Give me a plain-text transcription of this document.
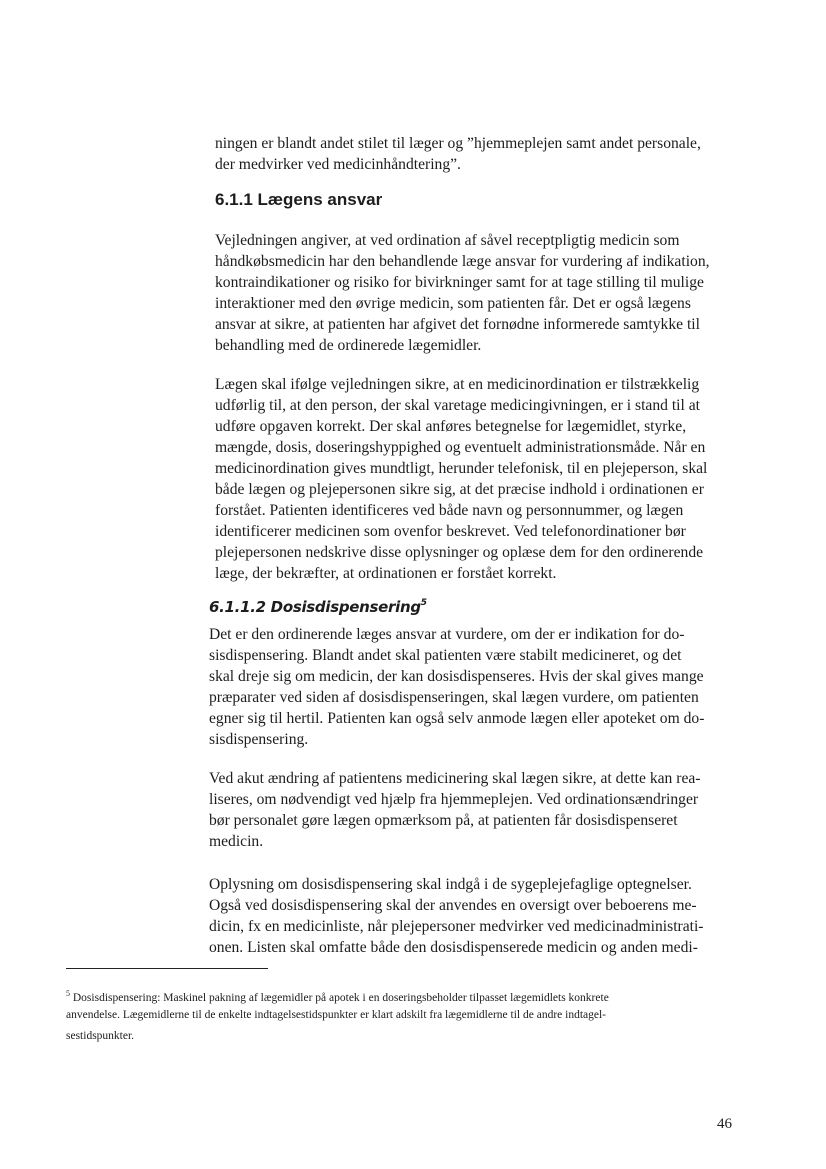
ningen er blandt andet stilet til læger og ”hjemmeplejen samt andet personale,
der medvirker ved medicinhåndtering”.
6.1.1 Lægens ansvar
Vejledningen angiver, at ved ordination af såvel receptpligtig medicin som
håndkøbsmedicin har den behandlende læge ansvar for vurdering af indikation,
kontraindikationer og risiko for bivirkninger samt for at tage stilling til mulige
interaktioner med den øvrige medicin, som patienten får. Det er også lægens
ansvar at sikre, at patienten har afgivet det fornødne informerede samtykke til
behandling med de ordinerede lægemidler.
Lægen skal ifølge vejledningen sikre, at en medicinordination er tilstrækkelig
udførlig til, at den person, der skal varetage medicingivningen, er i stand til at
udføre opgaven korrekt. Der skal anføres betegnelse for lægemidlet, styrke,
mængde, dosis, doseringshyppighed og eventuelt administrationsmåde. Når en
medicinordination gives mundtligt, herunder telefonisk, til en plejeperson, skal
både lægen og plejepersonen sikre sig, at det præcise indhold i ordinationen er
forstået. Patienten identificeres ved både navn og personnummer, og lægen
identificerer medicinen som ovenfor beskrevet. Ved telefonordinationer bør
plejepersonen nedskrive disse oplysninger og oplæse dem for den ordinerende
læge, der bekræfter, at ordinationen er forstået korrekt.
6.1.1.2 Dosisdispensering$^5$
Det er den ordinerende læges ansvar at vurdere, om der er indikation for do-
sisdispensering. Blandt andet skal patienten være stabilt medicineret, og det
skal dreje sig om medicin, der kan dosisdispenseres. Hvis der skal gives mange
præparater ved siden af dosisdispenseringen, skal lægen vurdere, om patienten
egner sig til hertil. Patienten kan også selv anmode lægen eller apoteket om do-
sisdispensering.
Ved akut ændring af patientens medicinering skal lægen sikre, at dette kan rea-
liseres, om nødvendigt ved hjælp fra hjemmeplejen. Ved ordinationsændringer
bør personalet gøre lægen opmærksom på, at patienten får dosisdispenseret
medicin.
Oplysning om dosisdispensering skal indgå i de sygeplejefaglige optegnelser.
Også ved dosisdispensering skal der anvendes en oversigt over beboerens me-
dicin, fx en medicinliste, når plejepersoner medvirker ved medicinadministrati-
onen. Listen skal omfatte både den dosisdispenserede medicin og anden medi-
$^5$ Dosisdispensering: Maskinel pakning af lægemidler på apotek i en doseringsbeholder tilpasset lægemidlets konkrete
anvendelse. Lægemidlerne til de enkelte indtagelsestidspunkter er klart adskilt fra lægemidlerne til de andre indtagel-
sestidspunkter.
46
